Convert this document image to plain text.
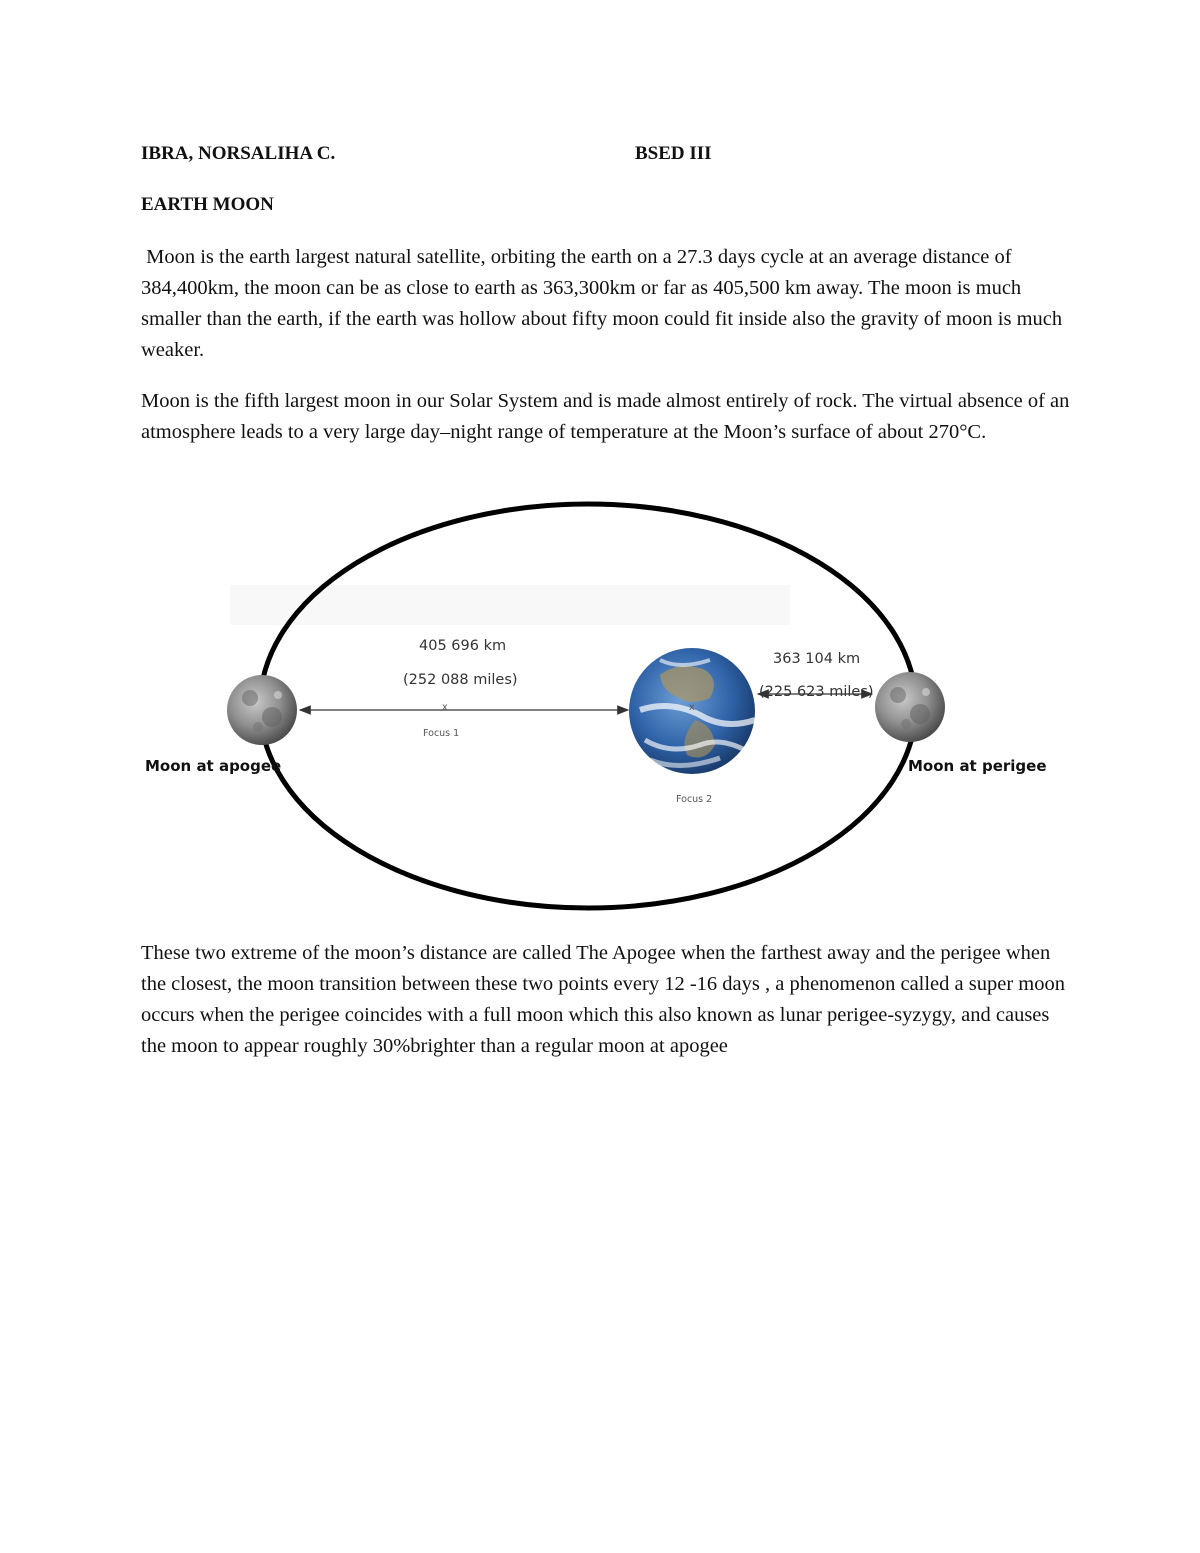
IBRA, NORSALIHA C.	BSED III
EARTH MOON

Moon is the earth largest natural satellite, orbiting the earth on a 27.3 days cycle at an average distance of 384,400km, the moon can be as close to earth as 363,300km or far as 405,500 km away. The moon is much smaller than the earth, if the earth was hollow about fifty moon could fit inside also the gravity of moon is much weaker.

Moon is the fifth largest moon in our Solar System and is made almost entirely of rock. The virtual absence of an atmosphere leads to a very large day–night range of temperature at the Moon’s surface of about 270°C.

405 696 km
(252 088 miles)
x
Focus 1
x
Focus 2
363 104 km
(225 623 miles)
Moon at apogee	Moon at perigee

These two extreme of the moon’s distance are called The Apogee when the farthest away and the perigee when the closest, the moon transition between these two points every 12 -16 days , a phenomenon called a super moon occurs when the perigee coincides with a full moon which this also known as lunar perigee-syzygy, and causes the moon to appear roughly 30%brighter than a regular moon at apogee
